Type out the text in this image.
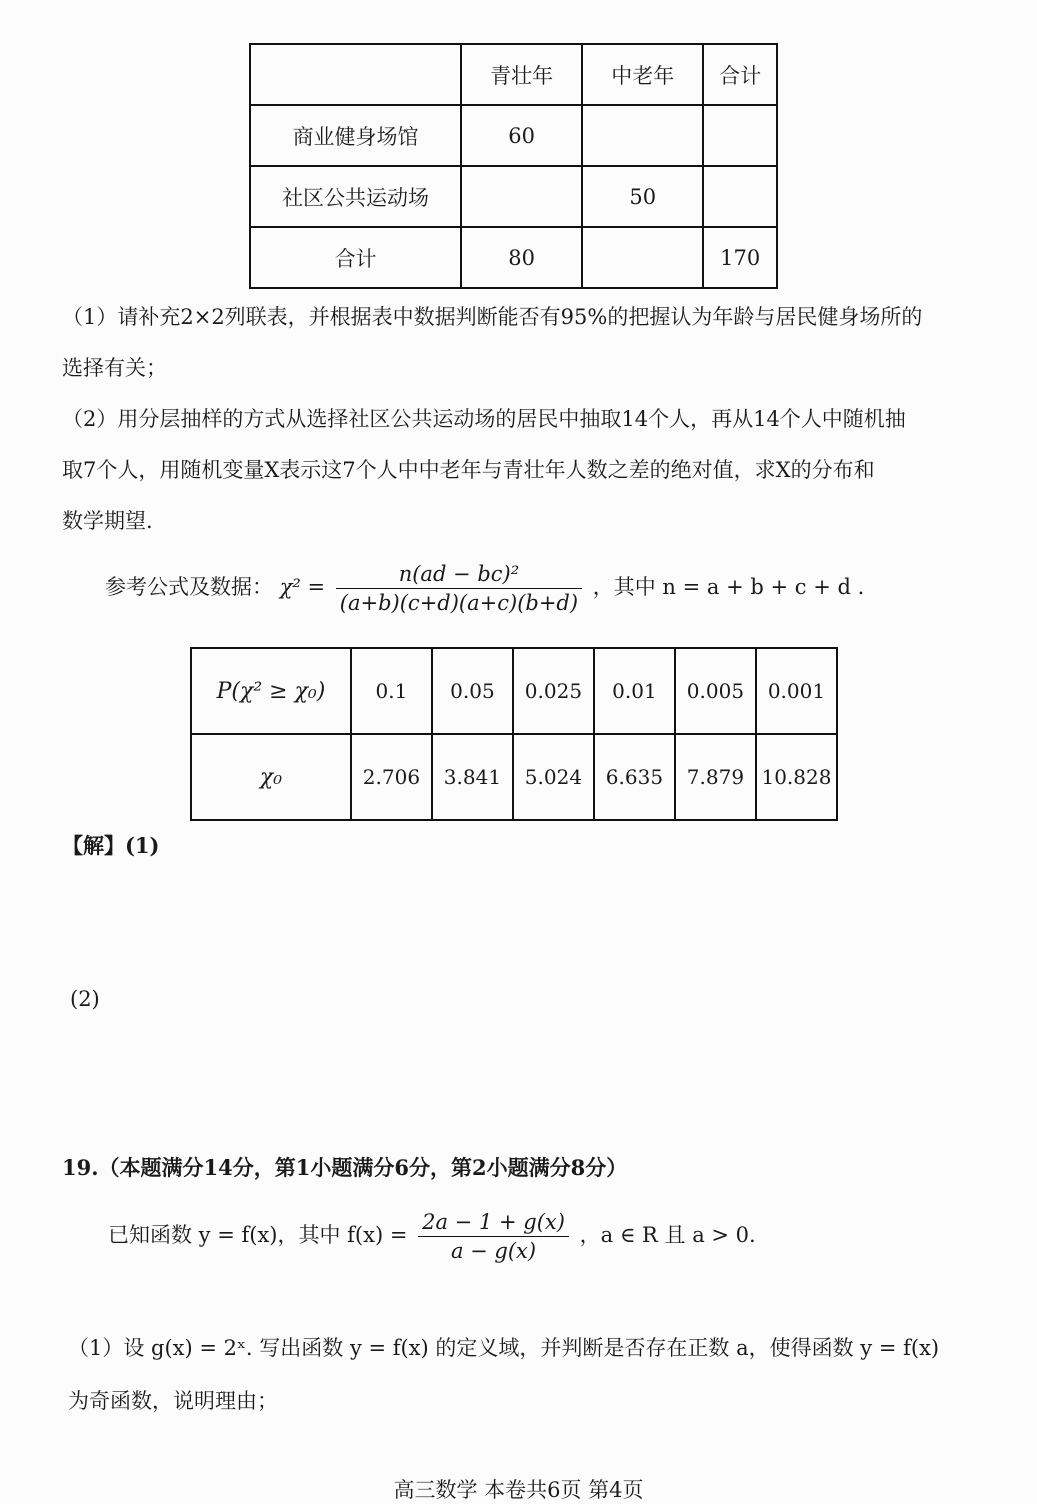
	青壮年	中老年	合计
商业健身场馆	60		
社区公共运动场		50	
合计	80		170
（1）请补充2×2列联表，并根据表中数据判断能否有95%的把握认为年龄与居民健身场所的
选择有关；
（2）用分层抽样的方式从选择社区公共运动场的居民中抽取14个人，再从14个人中随机抽
取7个人，用随机变量X表示这7个人中中老年与青壮年人数之差的绝对值，求X的分布和
数学期望.
参考公式及数据： $\chi^2 = \frac{\text{n(ad − bc)²}}{(a+b)(c+d)(a+c)(b+d)}$ ，其中 n = a + b + c + d .
P(χ² ≥ χ₀)	0.1	0.05	0.025	0.01	0.005	0.001
χ₀	2.706	3.841	5.024	6.635	7.879	10.828
【解】(1)
(2)
19.（本题满分14分，第1小题满分6分，第2小题满分8分）
已知函数 y = f(x)，其中 $f(x) = \frac{2a - 1 + g(x)}{a - g(x)}$ ，a ∈ R 且 a > 0.
（1）设 g(x) = 2ˣ. 写出函数 y = f(x) 的定义域，并判断是否存在正数 a，使得函数 y = f(x)
为奇函数，说明理由；
高三数学 本卷共6页 第4页
